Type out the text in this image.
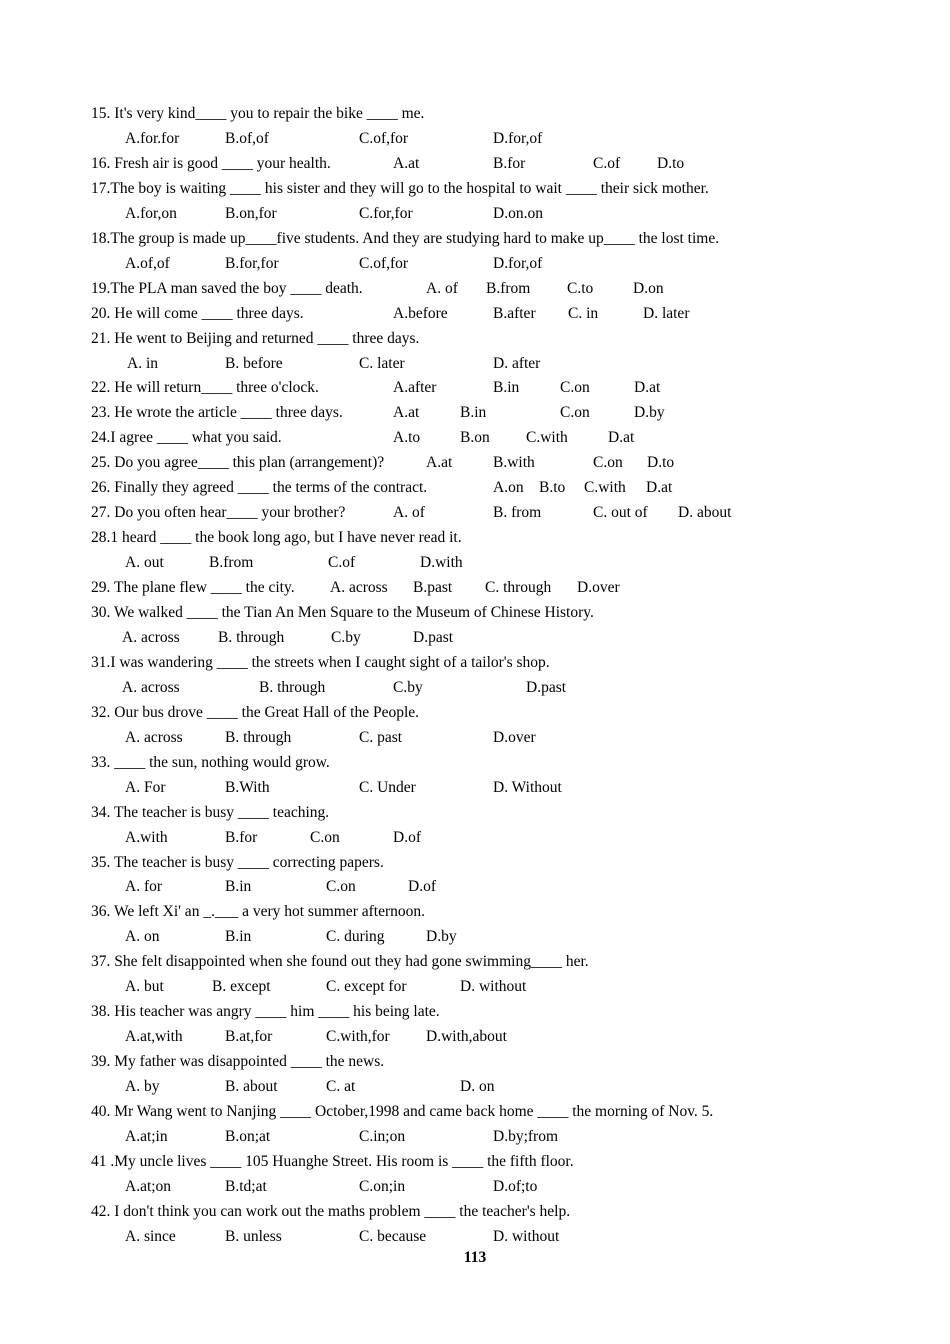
113
15. It's very kind____ you to repair the bike ____ me.
A.for.for	B.of,of	C.of,for	D.for,of
16. Fresh air is good ____ your health.	A.at	B.for	C.of D.to
17.The boy is waiting ____ his sister and they will go to the hospital to wait ____ their sick mother.
A.for,on	B.on,for	C.for,for	D.on.on
18.The group is made up____five students. And they are studying hard to make up____ the lost time.
A.of,of	B.for,for	C.of,for	D.for,of
19.The PLA man saved the boy ____ death.	A. of B.from C.to	D.on
20. He will come ____ three days.	A.before	B.after C. in	D. later
21. He went to Beijing and returned ____ three days.
A. in	B. before	C. later	D. after
22. He will return____ three o'clock.	A.after	B.in	C.on	D.at
23. He wrote the article ____ three days.	A.at	B.in	C.on	D.by
24.I agree ____ what you said.	A.to	B.on C.with	D.at
25. Do you agree____ this plan (arrangement)?	A.at	B.with	C.on D.to
26. Finally they agreed ____ the terms of the contract.	A.on B.to C.with D.at
27. Do you often hear____ your brother?	A. of	B. from	C. out of D. about
28.1 heard ____ the book long ago, but I have never read it.
A. out	B.from	C.of	D.with
29. The plane flew ____ the city. A. across B.past C. through D.over
30. We walked ____ the Tian An Men Square to the Museum of Chinese History.
A. across B. through	C.by	D.past
31.I was wandering ____ the streets when I caught sight of a tailor's shop.
A. across	B. through	C.by	D.past
32. Our bus drove ____ the Great Hall of the People.
A. across	B. through	C. past	D.over
33. ____ the sun, nothing would grow.
A. For	B.With	C. Under	D. Without
34. The teacher is busy ____ teaching.
A.with	B.for	C.on	D.of
35. The teacher is busy ____ correcting papers.
A. for	B.in	C.on	D.of
36. We left Xi' an _.___ a very hot summer afternoon.
A. on	B.in	C. during	D.by
37. She felt disappointed when she found out they had gone swimming____ her.
A. but	B. except	C. except for	D. without
38. His teacher was angry ____ him ____ his being late.
A.at,with	B.at,for	C.with,for D.with,about
39. My father was disappointed ____ the news.
A. by	B. about	C. at	D. on
40. Mr Wang went to Nanjing ____ October,1998 and came back home ____ the morning of Nov. 5.
A.at;in	B.on;at	C.in;on	D.by;from
41 .My uncle lives ____ 105 Huanghe Street. His room is ____ the fifth floor.
A.at;on	B.td;at	C.on;in	D.of;to
42. I don't think you can work out the maths problem ____ the teacher's help.
A. since	B. unless	C. because	D. without
